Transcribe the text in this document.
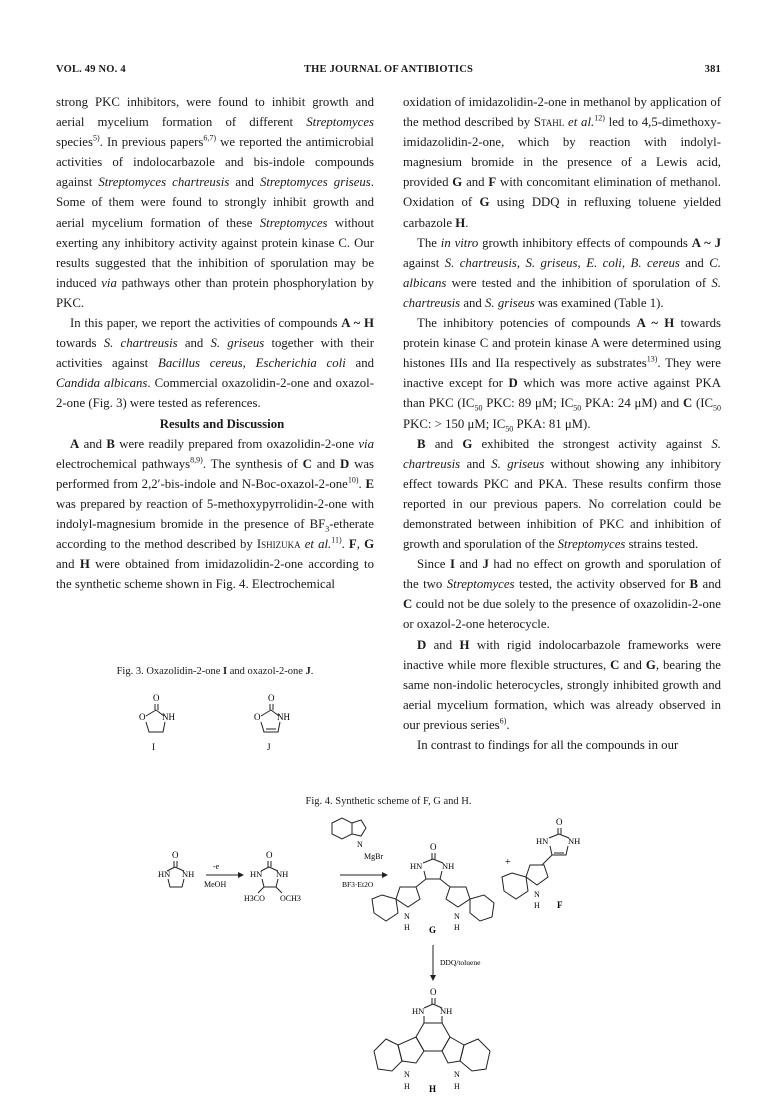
VOL. 49 NO. 4	THE JOURNAL OF ANTIBIOTICS	381

strong PKC inhibitors, were found to inhibit growth and aerial mycelium formation of different Streptomyces species$^{5)}$. In previous papers$^{6,7)}$ we reported the antimicrobial activities of indolocarbazole and bis-indole compounds against Streptomyces chartreusis and Streptomyces griseus. Some of them were found to strongly inhibit growth and aerial mycelium formation of these Streptomyces without exerting any inhibitory activity against protein kinase C. Our results suggested that the inhibition of sporulation may be induced via pathways other than protein phosphorylation by PKC.

In this paper, we report the activities of compounds A ~ H towards S. chartreusis and S. griseus together with their activities against Bacillus cereus, Escherichia coli and Candida albicans. Commercial oxazolidin-2-one and oxazol-2-one (Fig. 3) were tested as references.

Results and Discussion

A and B were readily prepared from oxazolidin-2-one via electrochemical pathways$^{8,9)}$. The synthesis of C and D was performed from 2,2′-bis-indole and N-Boc-oxazol-2-one$^{10)}$. E was prepared by reaction of 5-methoxypyrrolidin-2-one with indolyl-magnesium bromide in the presence of $BF_3$-etherate according to the method described by Ishizuka et al.$^{11)}$. F, G and H were obtained from imidazolidin-2-one according to the synthetic scheme shown in Fig. 4. Electrochemical

oxidation of imidazolidin-2-one in methanol by application of the method described by Stahl et al.$^{12)}$ led to 4,5-dimethoxy-imidazolidin-2-one, which by reaction with indolyl-magnesium bromide in the presence of a Lewis acid, provided G and F with concomitant elimination of methanol. Oxidation of G using DDQ in refluxing toluene yielded carbazole H.

The in vitro growth inhibitory effects of compounds A ~ J against S. chartreusis, S. griseus, E. coli, B. cereus and C. albicans were tested and the inhibition of sporulation of S. chartreusis and S. griseus was examined (Table 1).

The inhibitory potencies of compounds A ~ H towards protein kinase C and protein kinase A were determined using histones IIIs and IIa respectively as substrates$^{13)}$. They were inactive except for D which was more active against PKA than PKC ($IC_{50}$ PKC: 89 μM; $IC_{50}$ PKA: 24 μM) and C ($IC_{50}$ PKC: > 150 μM; $IC_{50}$ PKA: 81 μM).

B and G exhibited the strongest activity against S. chartreusis and S. griseus without showing any inhibitory effect towards PKC and PKA. These results confirm those reported in our previous papers. No correlation could be demonstrated between inhibition of PKC and inhibition of growth and sporulation of the Streptomyces strains tested.

Since I and J had no effect on growth and sporulation of the two Streptomyces tested, the activity observed for B and C could not be due solely to the presence of oxazolidin-2-one or oxazol-2-one heterocycle.

D and H with rigid indolocarbazole frameworks were inactive while more flexible structures, C and G, bearing the same non-indolic heterocycles, strongly inhibited growth and aerial mycelium formation, which was already observed in our previous series$^{6)}$.

In contrast to findings for all the compounds in our

Fig. 3. Oxazolidin-2-one I and oxazol-2-one J.
O
O NH
I
O
O NH
J
Fig. 4. Synthetic scheme of F, G and H.
O
HN NH
-e
MeOH
O
HN NH
H3CO OCH3
N
MgBr
BF3·Et2O
O
HN NH
N
H
N
H
G
+
O
HN NH
N
H F
DDQ/toluene
O
HN NH
N
H
N
H
H
